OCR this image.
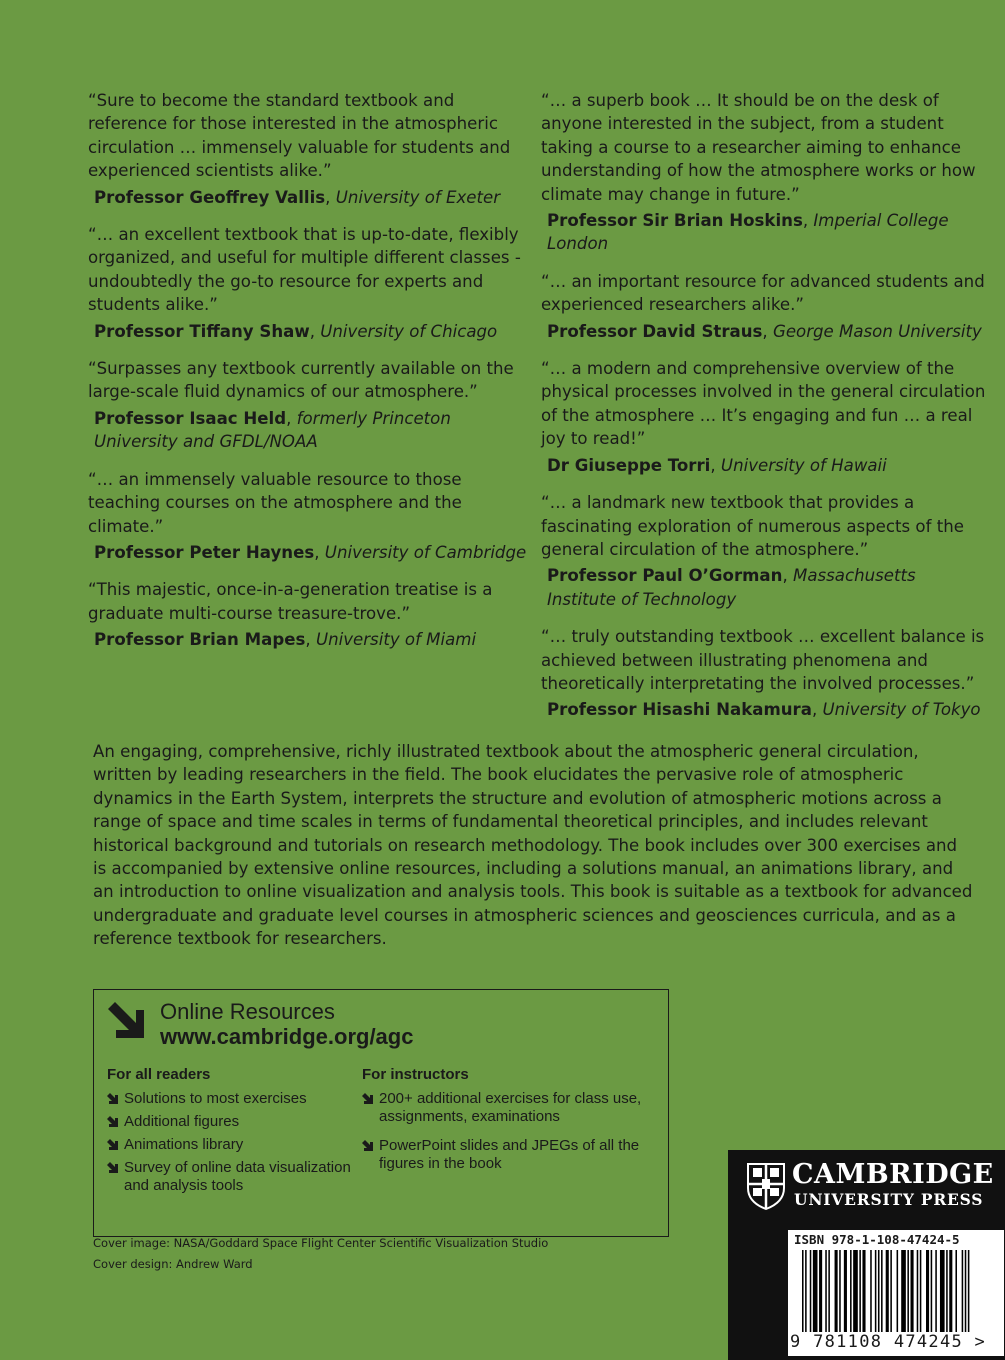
“Sure to become the standard textbook and reference for those interested in the atmospheric circulation … immensely valuable for students and experienced scientists alike.”
Professor Geoffrey Vallis, University of Exeter
“… an excellent textbook that is up-to-date, flexibly organized, and useful for multiple different classes - undoubtedly the go-to resource for experts and students alike.”
Professor Tiffany Shaw, University of Chicago
“Surpasses any textbook currently available on the large-scale fluid dynamics of our atmosphere.”
Professor Isaac Held, formerly Princeton University and GFDL/NOAA
“… an immensely valuable resource to those teaching courses on the atmosphere and the climate.”
Professor Peter Haynes, University of Cambridge
“This majestic, once-in-a-generation treatise is a graduate multi-course treasure-trove.”
Professor Brian Mapes, University of Miami
“… a superb book … It should be on the desk of anyone interested in the subject, from a student taking a course to a researcher aiming to enhance understanding of how the atmosphere works or how climate may change in future.”
Professor Sir Brian Hoskins, Imperial College London
“… an important resource for advanced students and experienced researchers alike.”
Professor David Straus, George Mason University
“… a modern and comprehensive overview of the physical processes involved in the general circulation of the atmosphere … It’s engaging and fun … a real joy to read!”
Dr Giuseppe Torri, University of Hawaii
“… a landmark new textbook that provides a fascinating exploration of numerous aspects of the general circulation of the atmosphere.”
Professor Paul O’Gorman, Massachusetts Institute of Technology
“… truly outstanding textbook … excellent balance is achieved between illustrating phenomena and theoretically interpretating the involved processes.”
Professor Hisashi Nakamura, University of Tokyo
An engaging, comprehensive, richly illustrated textbook about the atmospheric general circulation, written by leading researchers in the field. The book elucidates the pervasive role of atmospheric dynamics in the Earth System, interprets the structure and evolution of atmospheric motions across a range of space and time scales in terms of fundamental theoretical principles, and includes relevant historical background and tutorials on research methodology. The book includes over 300 exercises and is accompanied by extensive online resources, including a solutions manual, an animations library, and an introduction to online visualization and analysis tools. This book is suitable as a textbook for advanced undergraduate and graduate level courses in atmospheric sciences and geosciences curricula, and as a reference textbook for researchers.
Online Resources
www.cambridge.org/agc
For all readers
Solutions to most exercises
Additional figures
Animations library
Survey of online data visualization and analysis tools
For instructors
200+ additional exercises for class use, assignments, examinations
PowerPoint slides and JPEGs of all the figures in the book
Cover image: NASA/Goddard Space Flight Center Scientific Visualization Studio
Cover design: Andrew Ward
CAMBRIDGE
UNIVERSITY PRESS
ISBN 978-1-108-47424-5
9 781108 474245 >
